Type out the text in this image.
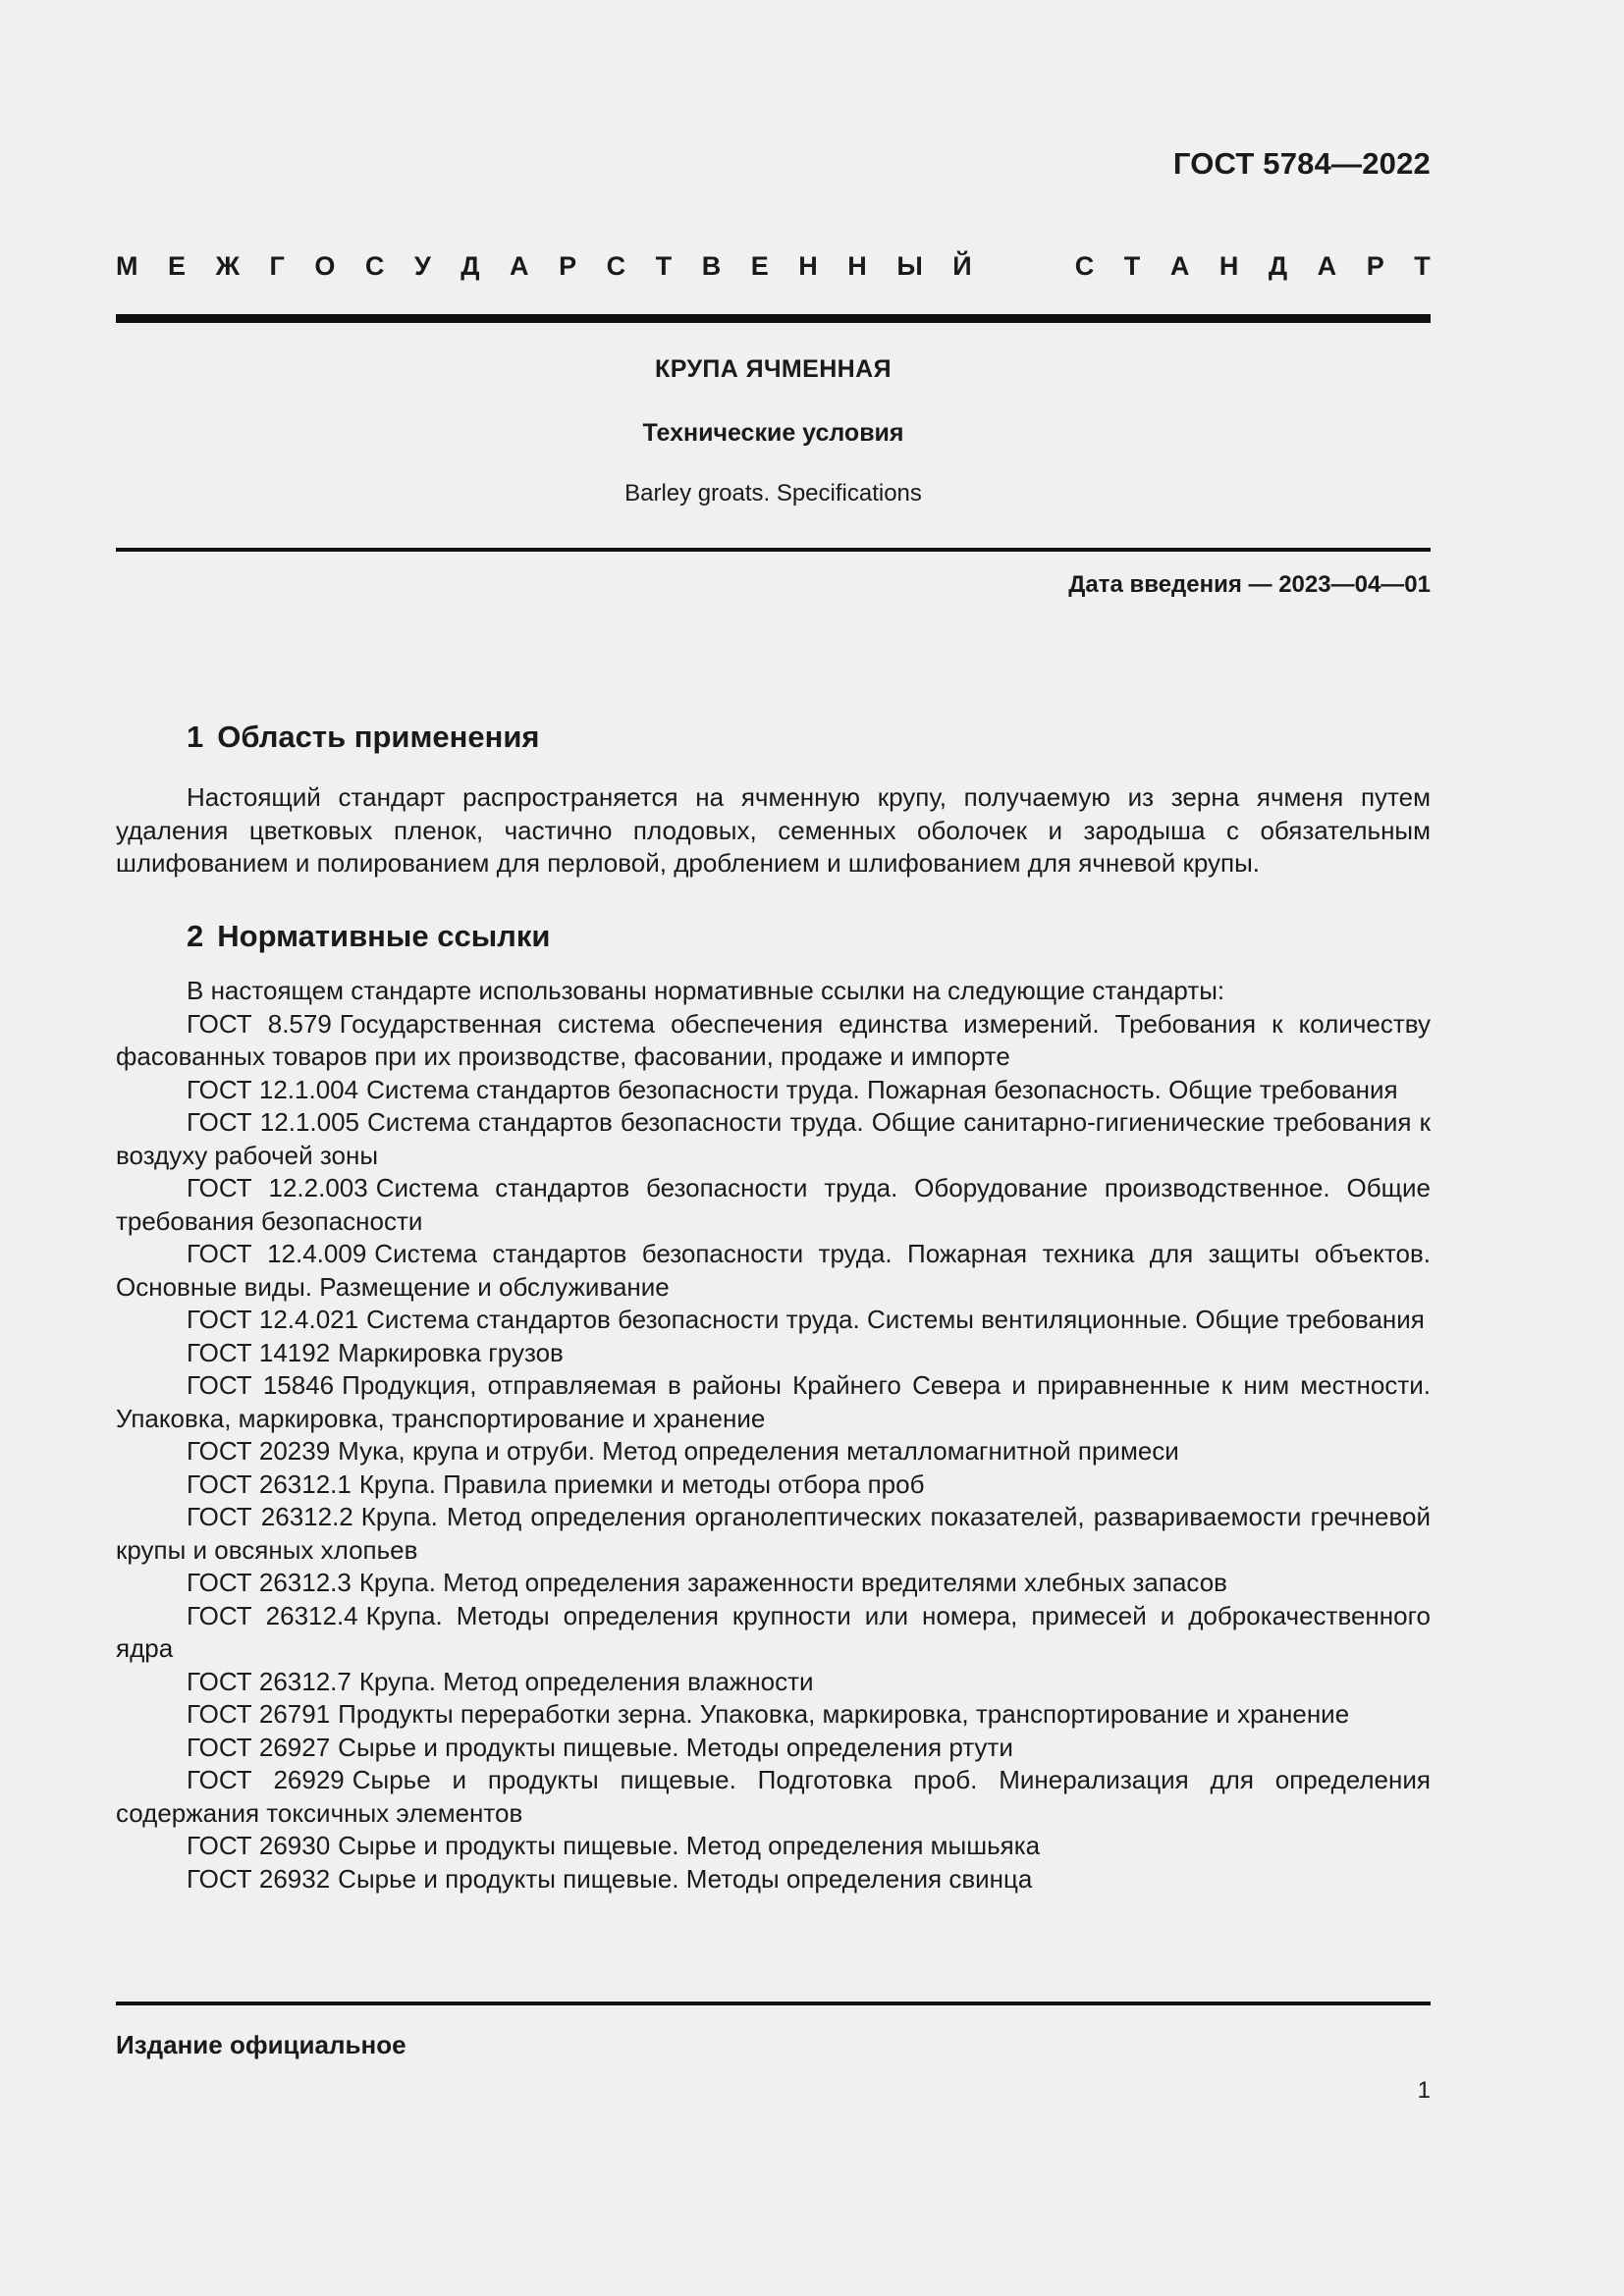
ГОСТ 5784—2022
М Е Ж Г О С У Д А Р С Т В Е Н Н Ы Й	С Т А Н Д А Р Т
КРУПА ЯЧМЕННАЯ
Технические условия
Barley groats. Specifications
Дата введения — 2023—04—01
1 Область применения
Настоящий стандарт распространяется на ячменную крупу, получаемую из зерна ячменя путем удаления цветковых пленок, частично плодовых, семенных оболочек и зародыша с обязательным шлифованием и полированием для перловой, дроблением и шлифованием для ячневой крупы.
2 Нормативные ссылки

В настоящем стандарте использованы нормативные ссылки на следующие стандарты:

ГОСТ 8.579 Государственная система обеспечения единства измерений. Требования к количеству фасованных товаров при их производстве, фасовании, продаже и импорте

ГОСТ 12.1.004 Система стандартов безопасности труда. Пожарная безопасность. Общие требования

ГОСТ 12.1.005 Система стандартов безопасности труда. Общие санитарно-гигиенические требования к воздуху рабочей зоны

ГОСТ 12.2.003 Система стандартов безопасности труда. Оборудование производственное. Общие требования безопасности

ГОСТ 12.4.009 Система стандартов безопасности труда. Пожарная техника для защиты объектов. Основные виды. Размещение и обслуживание

ГОСТ 12.4.021 Система стандартов безопасности труда. Системы вентиляционные. Общие требования

ГОСТ 14192 Маркировка грузов

ГОСТ 15846 Продукция, отправляемая в районы Крайнего Севера и приравненные к ним местности. Упаковка, маркировка, транспортирование и хранение

ГОСТ 20239 Мука, крупа и отруби. Метод определения металломагнитной примеси

ГОСТ 26312.1 Крупа. Правила приемки и методы отбора проб

ГОСТ 26312.2 Крупа. Метод определения органолептических показателей, развариваемости гречневой крупы и овсяных хлопьев

ГОСТ 26312.3 Крупа. Метод определения зараженности вредителями хлебных запасов

ГОСТ 26312.4 Крупа. Методы определения крупности или номера, примесей и доброкачественного ядра

ГОСТ 26312.7 Крупа. Метод определения влажности

ГОСТ 26791 Продукты переработки зерна. Упаковка, маркировка, транспортирование и хранение

ГОСТ 26927 Сырье и продукты пищевые. Методы определения ртути

ГОСТ 26929 Сырье и продукты пищевые. Подготовка проб. Минерализация для определения содержания токсичных элементов

ГОСТ 26930 Сырье и продукты пищевые. Метод определения мышьяка

ГОСТ 26932 Сырье и продукты пищевые. Методы определения свинца

Издание официальное
1
